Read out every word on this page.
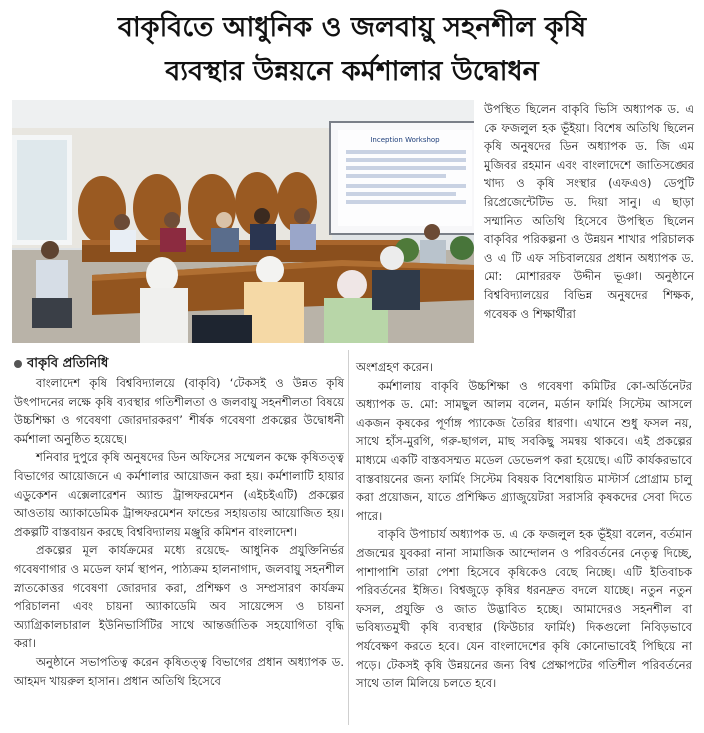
বাকৃবিতে আধুনিক ও জলবায়ু সহনশীল কৃষি
ব্যবস্থার উন্নয়নে কর্মশালার উদ্বোধন
Inception Workshop

উপস্থিত ছিলেন বাকৃবি ভিসি অধ্যাপক ড. এ কে ফজলুল হক ভূঁইয়া। বিশেষ অতিথি ছিলেন কৃষি অনুষদের ডিন অধ্যাপক ড. জি এম মুজিবর রহমান এবং বাংলাদেশে জাতিসঙ্ঘের খাদ্য ও কৃষি সংস্থার (এফএও) ডেপুটি রিপ্রেজেন্টেটিভ ড. দিয়া সানু। এ ছাড়া সম্মানিত অতিথি হিসেবে উপস্থিত ছিলেন বাকৃবির পরিকল্পনা ও উন্নয়ন শাখার পরিচালক ও এ টি এফ সচিবালয়ের প্রধান অধ্যাপক ড. মো: মোশাররফ উদ্দীন ভূঞা। অনুষ্ঠানে বিশ্ববিদ্যালয়ের বিভিন্ন অনুষদের শিক্ষক, গবেষক ও শিক্ষার্থীরা

বাকৃবি প্রতিনিধি

বাংলাদেশ কৃষি বিশ্ববিদ্যালয়ে (বাকৃবি) ‘টেকসই ও উন্নত কৃষি উৎপাদনের লক্ষে কৃষি ব্যবস্থার গতিশীলতা ও জলবায়ু সহনশীলতা বিষয়ে উচ্চশিক্ষা ও গবেষণা জোরদারকরণ’ শীর্ষক গবেষণা প্রকল্পের উদ্বোধনী কর্মশালা অনুষ্ঠিত হয়েছে।

শনিবার দুপুরে কৃষি অনুষদের ডিন অফিসের সম্মেলন কক্ষে কৃষিতত্ত্ব বিভাগের আয়োজনে এ কর্মশালার আয়োজন করা হয়। কর্মশালাটি হায়ার এডুকেশন এক্সেলারেশন অ্যান্ড ট্রান্সফরমেশন (এইচইএটি) প্রকল্পের আওতায় অ্যাকাডেমিক ট্রান্সফরমেশন ফান্ডের সহায়তায় আয়োজিত হয়। প্রকল্পটি বাস্তবায়ন করছে বিশ্ববিদ্যালয় মঞ্জুরি কমিশন বাংলাদেশ।

প্রকল্পের মূল কার্যক্রমের মধ্যে রয়েছে- আধুনিক প্রযুক্তিনির্ভর গবেষণাগার ও মডেল ফার্ম স্থাপন, পাঠ্যক্রম হালনাগাদ, জলবায়ু সহনশীল স্নাতকোত্তর গবেষণা জোরদার করা, প্রশিক্ষণ ও সম্প্রসারণ কার্যক্রম পরিচালনা এবং চায়না অ্যাকাডেমি অব সায়েন্সেস ও চায়না অ্যাগ্রিকালচারাল ইউনিভার্সিটির সাথে আন্তর্জাতিক সহযোগিতা বৃদ্ধি করা।

অনুষ্ঠানে সভাপতিত্ব করেন কৃষিতত্ত্ব বিভাগের প্রধান অধ্যাপক ড. আহমদ খায়রুল হাসান। প্রধান অতিথি হিসেবে

অংশগ্রহণ করেন।

কর্মশালায় বাকৃবি উচ্চশিক্ষা ও গবেষণা কমিটির কো-অর্ডিনেটর অধ্যাপক ড. মো: সামছুল আলম বলেন, মর্ডান ফার্মিং সিস্টেম আসলে একজন কৃষকের পূর্ণাঙ্গ প্যাকেজ তৈরির ধারণা। এখানে শুধু ফসল নয়, সাথে হাঁস-মুরগি, গরু-ছাগল, মাছ সবকিছু সমন্বয় থাকবে। এই প্রকল্পের মাধ্যমে একটি বাস্তবসম্মত মডেল ডেভেলপ করা হয়েছে। এটি কার্যকরভাবে বাস্তবায়নের জন্য ফার্মিং সিস্টেম বিষয়ক বিশেষায়িত মাস্টার্স প্রোগ্রাম চালু করা প্রয়োজন, যাতে প্রশিক্ষিত গ্র্যাজুয়েটরা সরাসরি কৃষকদের সেবা দিতে পারে।

বাকৃবি উপাচার্য অধ্যাপক ড. এ কে ফজলুল হক ভূঁইয়া বলেন, বর্তমান প্রজন্মের যুবকরা নানা সামাজিক আন্দোলন ও পরিবর্তনের নেতৃত্ব দিচ্ছে, পাশাপাশি তারা পেশা হিসেবে কৃষিকেও বেছে নিচ্ছে। এটি ইতিবাচক পরিবর্তনের ইঙ্গিত। বিশ্বজুড়ে কৃষির ধরনদ্রুত বদলে যাচ্ছে। নতুন নতুন ফসল, প্রযুক্তি ও জাত উদ্ভাবিত হচ্ছে। আমাদেরও সহনশীল বা ভবিষ্যতমুখী কৃষি ব্যবস্থার (ফিউচার ফার্মিং) দিকগুলো নিবিড়ভাবে পর্যবেক্ষণ করতে হবে। যেন বাংলাদেশের কৃষি কোনোভাবেই পিছিয়ে না পড়ে। টেকসই কৃষি উন্নয়নের জন্য বিশ্ব প্রেক্ষাপটের গতিশীল পরিবর্তনের সাথে তাল মিলিয়ে চলতে হবে।
